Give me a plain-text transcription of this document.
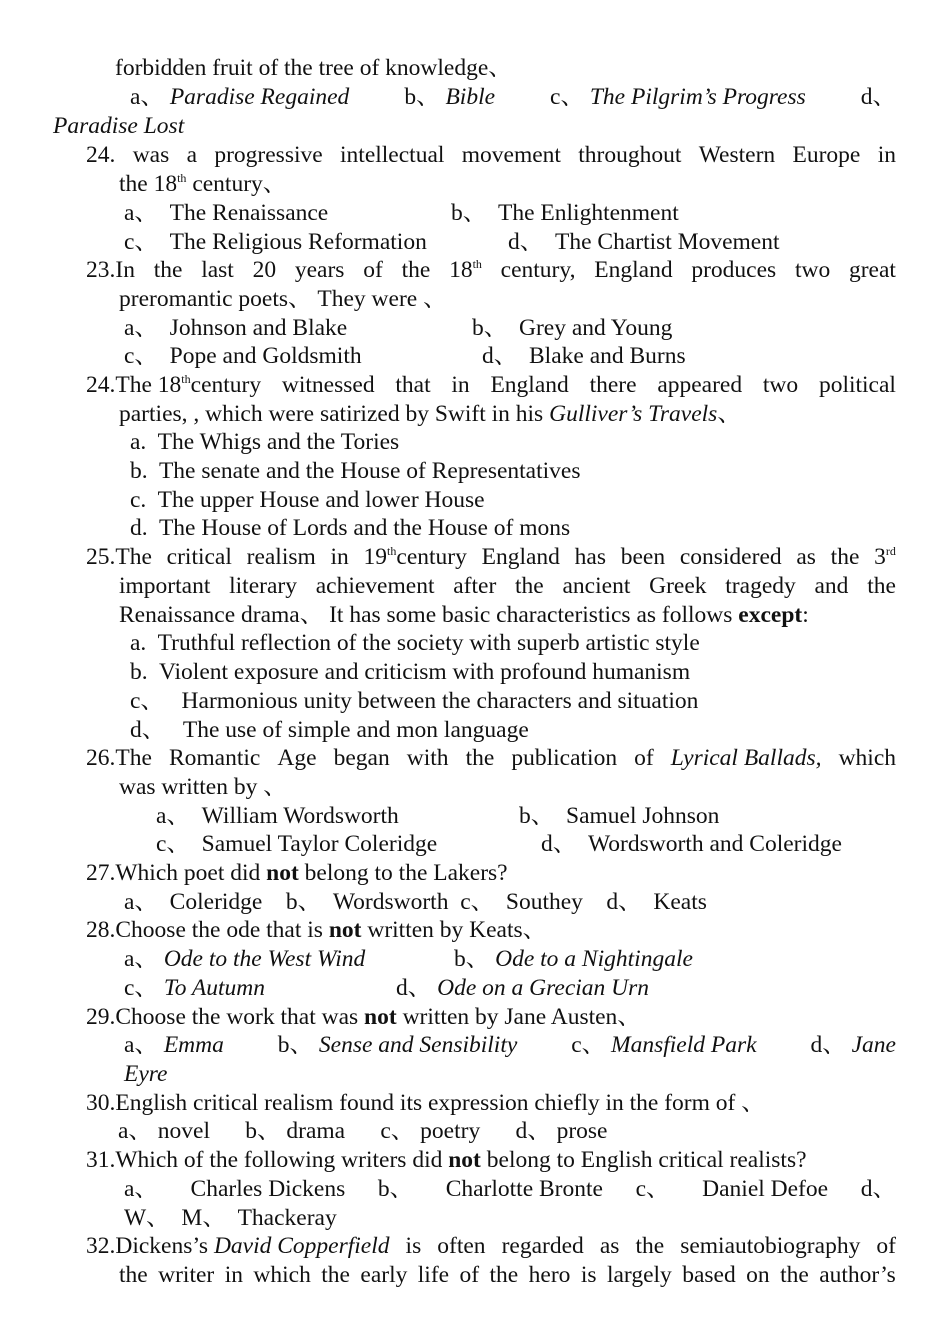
forbidden fruit of the tree of knowledge、
a、 Paradise Regained b、 Bible c、 The Pilgrim’s Progress d、
Paradise Lost
24. was a progressive intellectual movement throughout Western Europe in
the 18th century、
a、  The Renaissance	b、  The Enlightenment
c、  The Religious Reformation	d、  The Chartist Movement
23.In the last 20 years of the 18th century, England produces two great
preromantic poets、 They were 、
a、  Johnson and Blake	b、  Grey and Young
c、  Pope and Goldsmith	d、  Blake and Burns
24.The 18thcentury witnessed that in England there appeared two political
parties, , which were satirized by Swift in his Gulliver’s Travels、
a.  The Whigs and the Tories
b.  The senate and the House of Representatives
c.  The upper House and lower House
d.  The House of Lords and the House of mons
25.The critical realism in 19thcentury England has been considered as the 3rd
important literary achievement after the ancient Greek tragedy and the
Renaissance drama、 It has some basic characteristics as follows except:
a.  Truthful reflection of the society with superb artistic style
b.  Violent exposure and criticism with profound humanism
c、   Harmonious unity between the characters and situation
d、   The use of simple and mon language
26.The Romantic Age began with the publication of Lyrical Ballads, which
was written by 、
a、  William Wordsworth	b、  Samuel Johnson
c、  Samuel Taylor Coleridge	d、  Wordsworth and Coleridge
27.Which poet did not belong to the Lakers?
a、  Coleridge    b、  Wordsworth  c、  Southey    d、  Keats
28.Choose the ode that is not written by Keats、
a、 Ode to the West Wind	b、 Ode to a Nightingale
c、 To Autumn	d、 Ode on a Grecian Urn
29.Choose the work that was not written by Jane Austen、
a、 Emma b、 Sense and Sensibility c、 Mansfield Park d、 Jane
Eyre
30.English critical realism found its expression chiefly in the form of 、
a、 novel      b、 drama      c、 poetry      d、 prose
31.Which of the following writers did not belong to English critical realists?
a、 Charles Dickens b、 Charlotte Bronte c、 Daniel Defoe d、
W、  M、  Thackeray
32.Dickens’s David Copperfield is often regarded as the semiautobiography of
the writer in which the early life of the hero is largely based on the author’s
